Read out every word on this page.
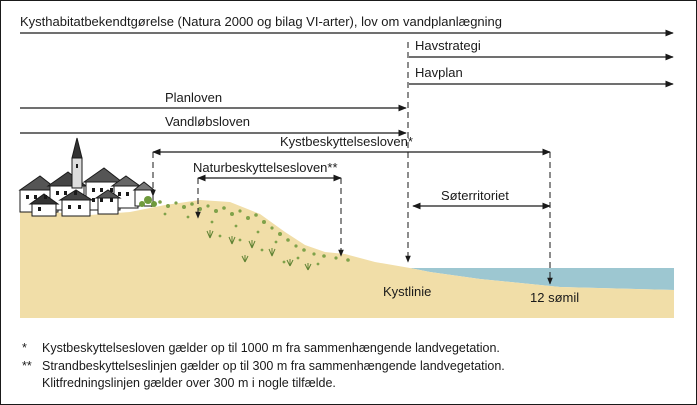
Kysthabitatbekendtgørelse (Natura 2000 og bilag VI-arter), lov om vandplanlægning
Havstrategi
Havplan
Planloven
Vandløbsloven
Kystbeskyttelsesloven*
Naturbeskyttelsesloven**
Søterritoriet
Kystlinie	12 sømil
* Kystbeskyttelsesloven gælder op til 1000 m fra sammenhængende landvegetation.
** Strandbeskyttelseslinjen gælder op til 300 m fra sammenhængende landvegetation.
Klitfredningslinjen gælder over 300 m i nogle tilfælde.
